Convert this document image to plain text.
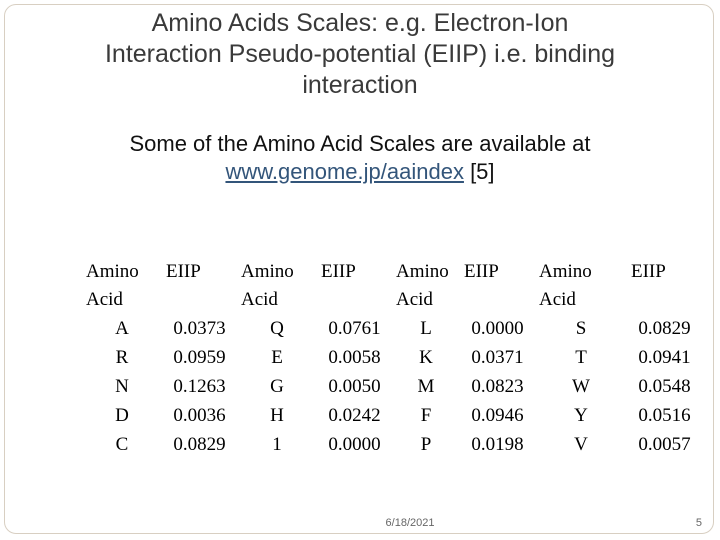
Amino Acids Scales: e.g. Electron-Ion
Interaction Pseudo-potential (EIIP) i.e. binding
interaction
Some of the Amino Acid Scales are available at
www.genome.jp/aaindex [5]
Amino	EIIP	Amino	EIIP	Amino	EIIP	Amino	EIIP
Acid		Acid		Acid		Acid	
A	0.0373	Q	0.0761	L	0.0000	S	0.0829
R	0.0959	E	0.0058	K	0.0371	T	0.0941
N	0.1263	G	0.0050	M	0.0823	W	0.0548
D	0.0036	H	0.0242	F	0.0946	Y	0.0516
C	0.0829	1	0.0000	P	0.0198	V	0.0057
6/18/2021	5
